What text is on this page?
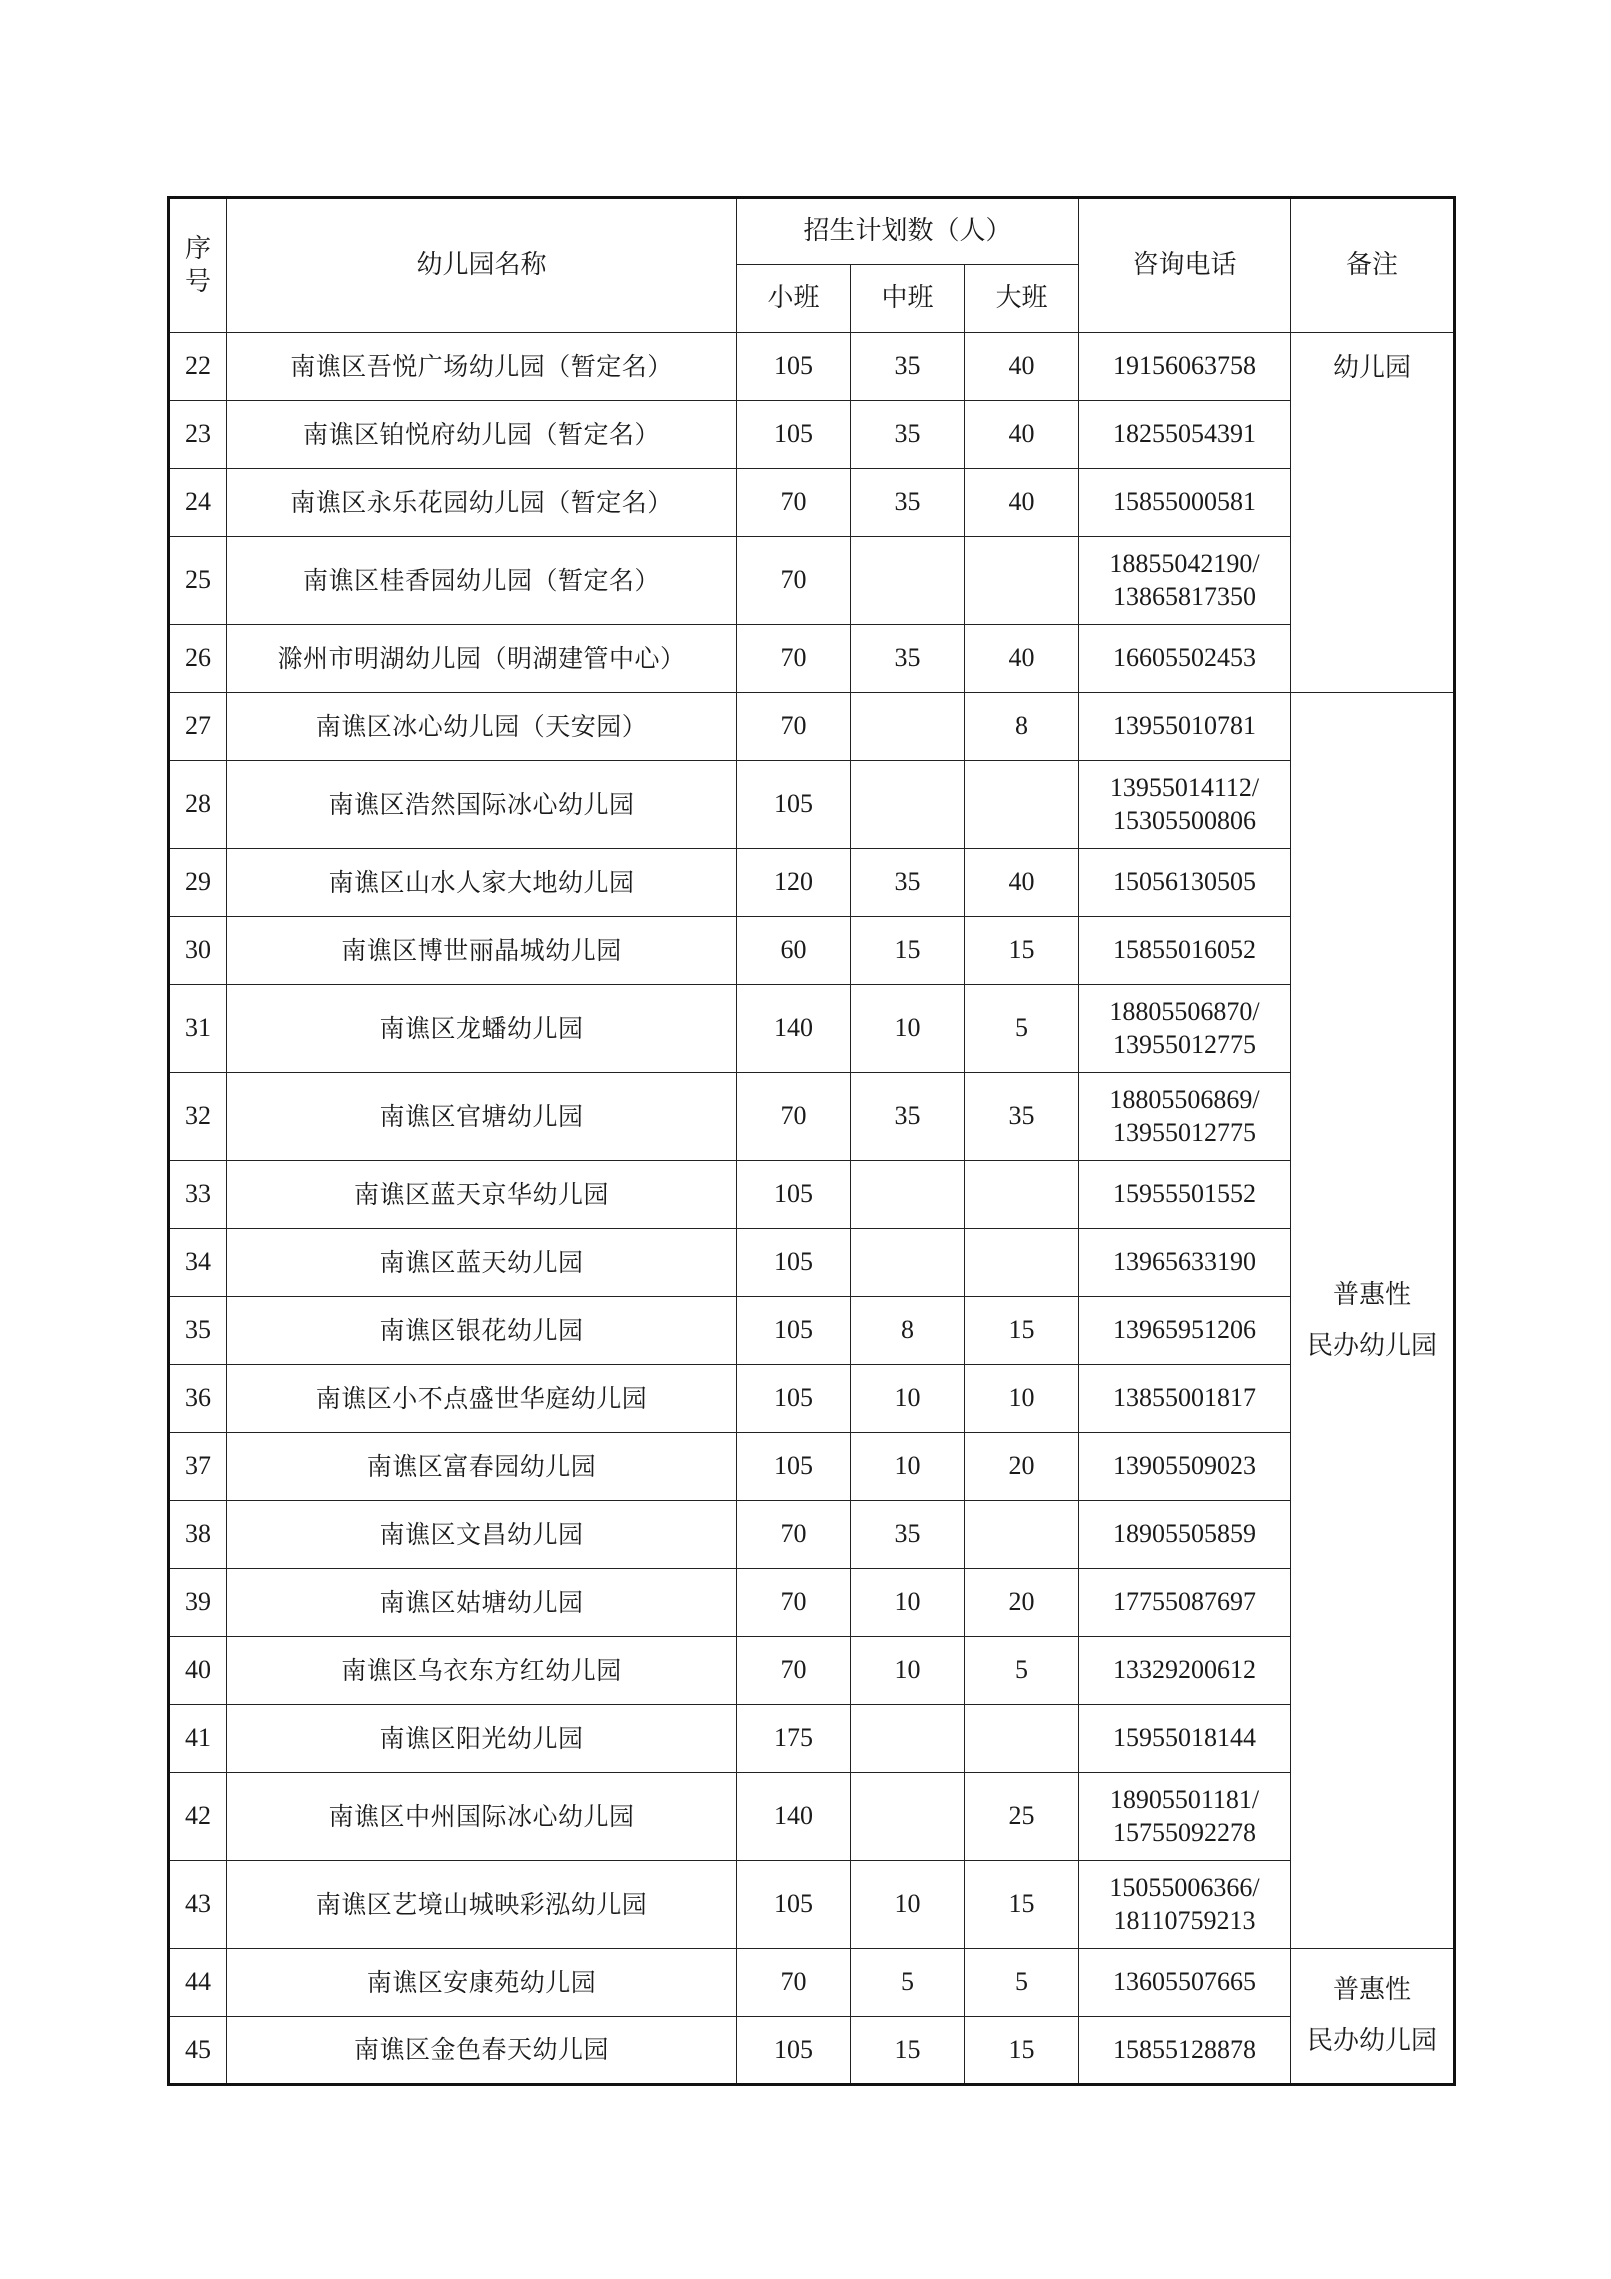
序
号	幼儿园名称	招生计划数（人）			咨询电话	备注
		小班	中班	大班		
22	南谯区吾悦广场幼儿园（暂定名）	105	35	40	19156063758	幼儿园

23	南谯区铂悦府幼儿园（暂定名）	105	35	40	18255054391	

24	南谯区永乐花园幼儿园（暂定名）	70	35	40	15855000581	

25	南谯区桂香园幼儿园（暂定名）	70			18855042190/
13865817350	

26	滁州市明湖幼儿园（明湖建管中心）	70	35	40	16605502453	

27	南谯区冰心幼儿园（天安园）	70		8	13955010781	普惠性
民办幼儿园

28	南谯区浩然国际冰心幼儿园	105			13955014112/
15305500806	

29	南谯区山水人家大地幼儿园	120	35	40	15056130505	

30	南谯区博世丽晶城幼儿园	60	15	15	15855016052	

31	南谯区龙蟠幼儿园	140	10	5	18805506870/
13955012775	

32	南谯区官塘幼儿园	70	35	35	18805506869/
13955012775	

33	南谯区蓝天京华幼儿园	105			15955501552	

34	南谯区蓝天幼儿园	105			13965633190	

35	南谯区银花幼儿园	105	8	15	13965951206	

36	南谯区小不点盛世华庭幼儿园	105	10	10	13855001817	

37	南谯区富春园幼儿园	105	10	20	13905509023	

38	南谯区文昌幼儿园	70	35		18905505859	

39	南谯区姑塘幼儿园	70	10	20	17755087697	

40	南谯区乌衣东方红幼儿园	70	10	5	13329200612	

41	南谯区阳光幼儿园	175			15955018144	

42	南谯区中州国际冰心幼儿园	140		25	18905501181/
15755092278	

43	南谯区艺境山城映彩泓幼儿园	105	10	15	15055006366/
18110759213	

44	南谯区安康苑幼儿园	70	5	5	13605507665	普惠性
民办幼儿园

45	南谯区金色春天幼儿园	105	15	15	15855128878	
